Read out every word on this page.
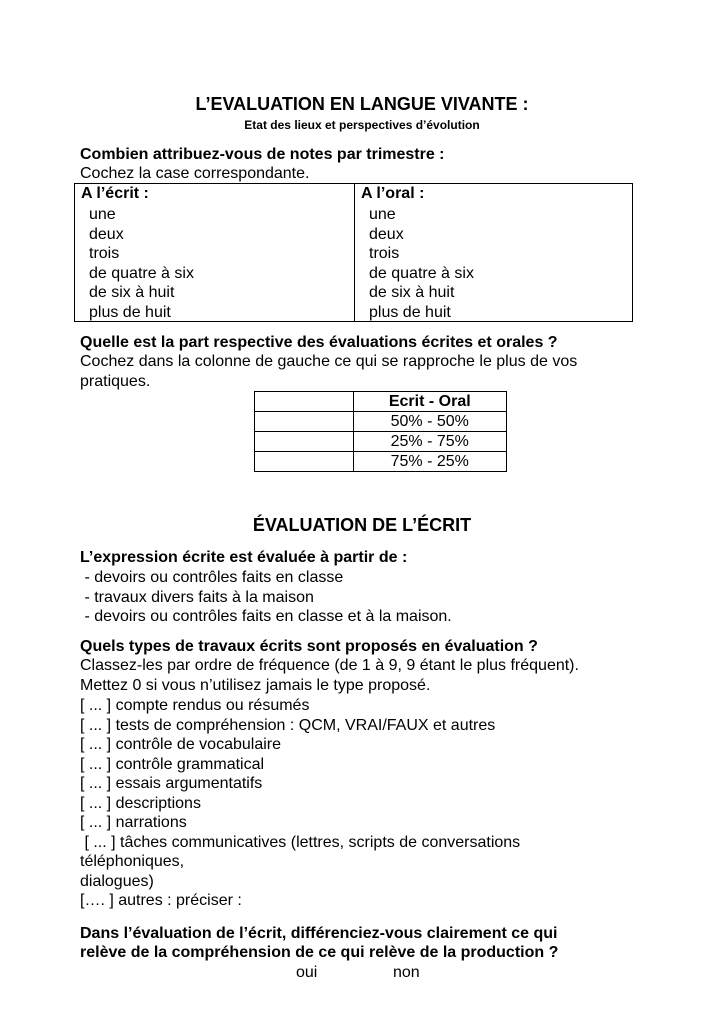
L’EVALUATION EN LANGUE VIVANTE :
Etat des lieux et perspectives d’évolution
Combien attribuez-vous de notes par trimestre :
Cochez la case correspondante.
A l’écrit :
une
deux
trois
de quatre à six
de six à huit
plus de huit
A l’oral :
une
deux
trois
de quatre à six
de six à huit
plus de huit
Quelle est la part respective des évaluations écrites et orales ?
Cochez dans la colonne de gauche ce qui se rapproche le plus de vos
pratiques.
	Ecrit - Oral
	50% - 50%
	25% - 75%
	75% - 25%
ÉVALUATION DE L’ÉCRIT
L’expression écrite est évaluée à partir de :
- devoirs ou contrôles faits en classe
- travaux divers faits à la maison
- devoirs ou contrôles faits en classe et à la maison.
Quels types de travaux écrits sont proposés en évaluation ?
Classez-les par ordre de fréquence (de 1 à 9, 9 étant le plus fréquent).
Mettez 0 si vous n’utilisez jamais le type proposé.
[ ... ] compte rendus ou résumés
[ ... ] tests de compréhension : QCM, VRAI/FAUX et autres
[ ... ] contrôle de vocabulaire
[ ... ] contrôle grammatical
[ ... ] essais argumentatifs
[ ... ] descriptions
[ ... ] narrations
[ ... ] tâches communicatives (lettres, scripts de conversations
téléphoniques,
dialogues)
[…. ] autres : préciser :
Dans l’évaluation de l’écrit, différenciez-vous clairement ce qui
relève de la compréhension de ce qui relève de la production ?
oui	non
